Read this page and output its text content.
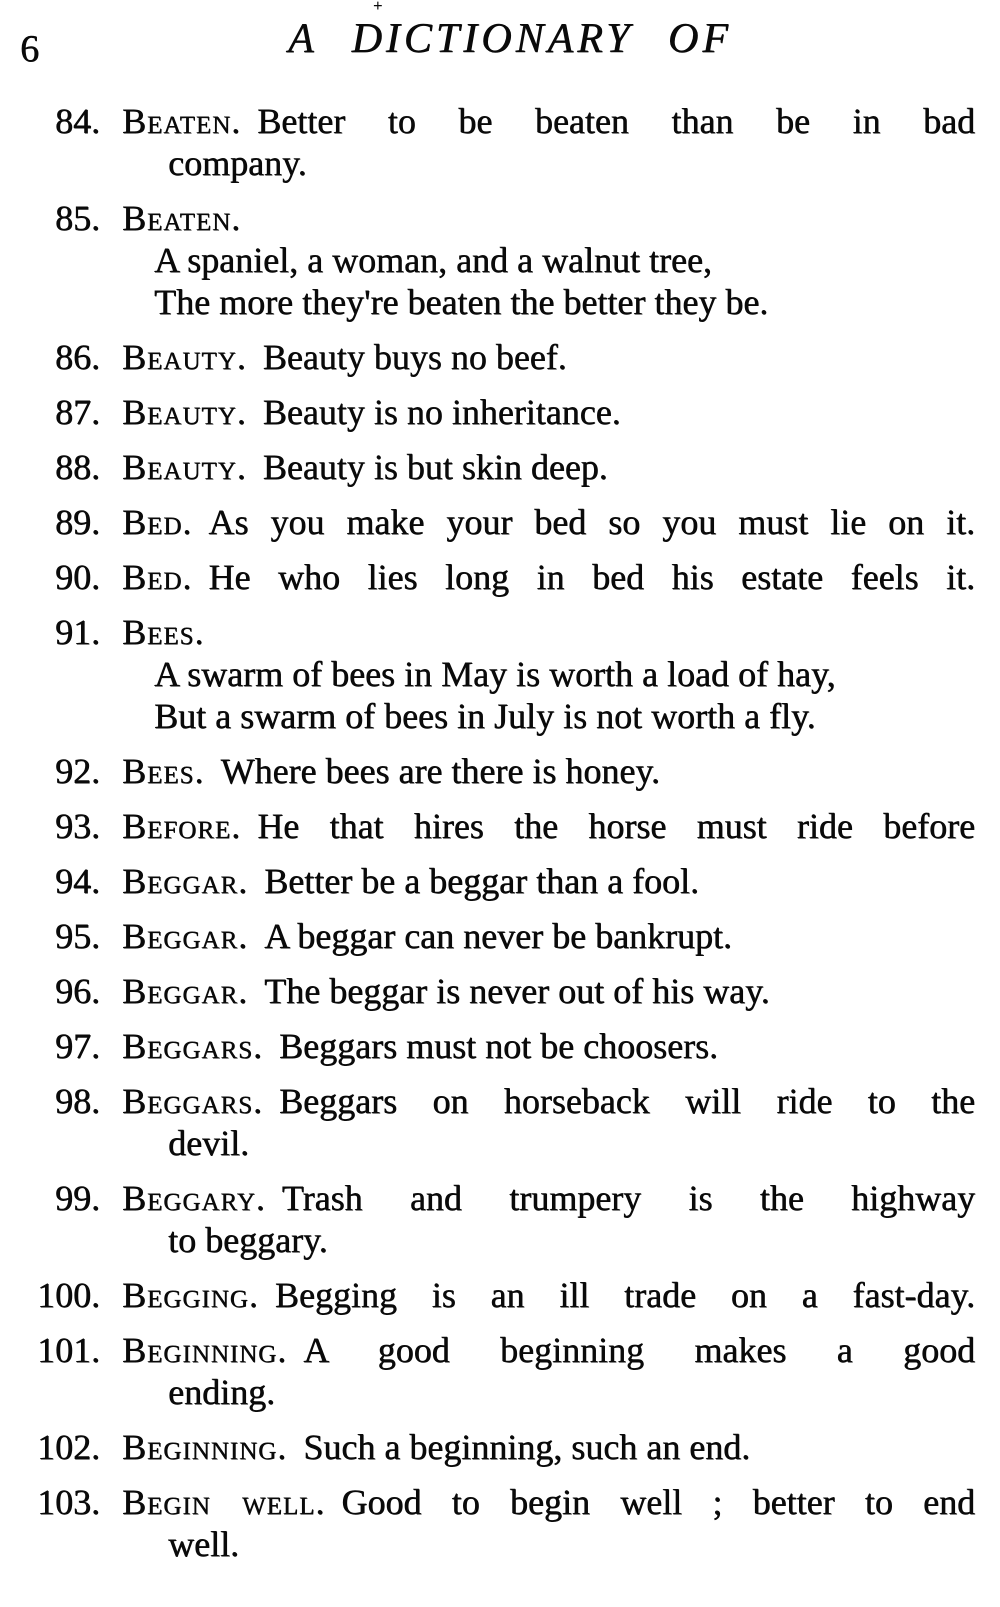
+
6	A DICTIONARY OF
84. Beaten. Better to be beaten than be in bad
company.
85. Beaten.
A spaniel, a woman, and a walnut tree,
The more they're beaten the better they be.
86. Beauty. Beauty buys no beef.
87. Beauty. Beauty is no inheritance.
88. Beauty. Beauty is but skin deep.
89. Bed. As you make your bed so you must lie on it.
90. Bed. He who lies long in bed his estate feels it.
91. Bees.
A swarm of bees in May is worth a load of hay,
But a swarm of bees in July is not worth a fly.
92. Bees. Where bees are there is honey.
93. Before. He that hires the horse must ride before
94. Beggar. Better be a beggar than a fool.
95. Beggar. A beggar can never be bankrupt.
96. Beggar. The beggar is never out of his way.
97. Beggars. Beggars must not be choosers.
98. Beggars. Beggars on horseback will ride to the
devil.
99. Beggary. Trash and trumpery is the highway
to beggary.
100. Begging. Begging is an ill trade on a fast-day.
101. Beginning. A good beginning makes a good
ending.
102. Beginning. Such a beginning, such an end.
103. Begin well. Good to begin well ; better to end
well.
